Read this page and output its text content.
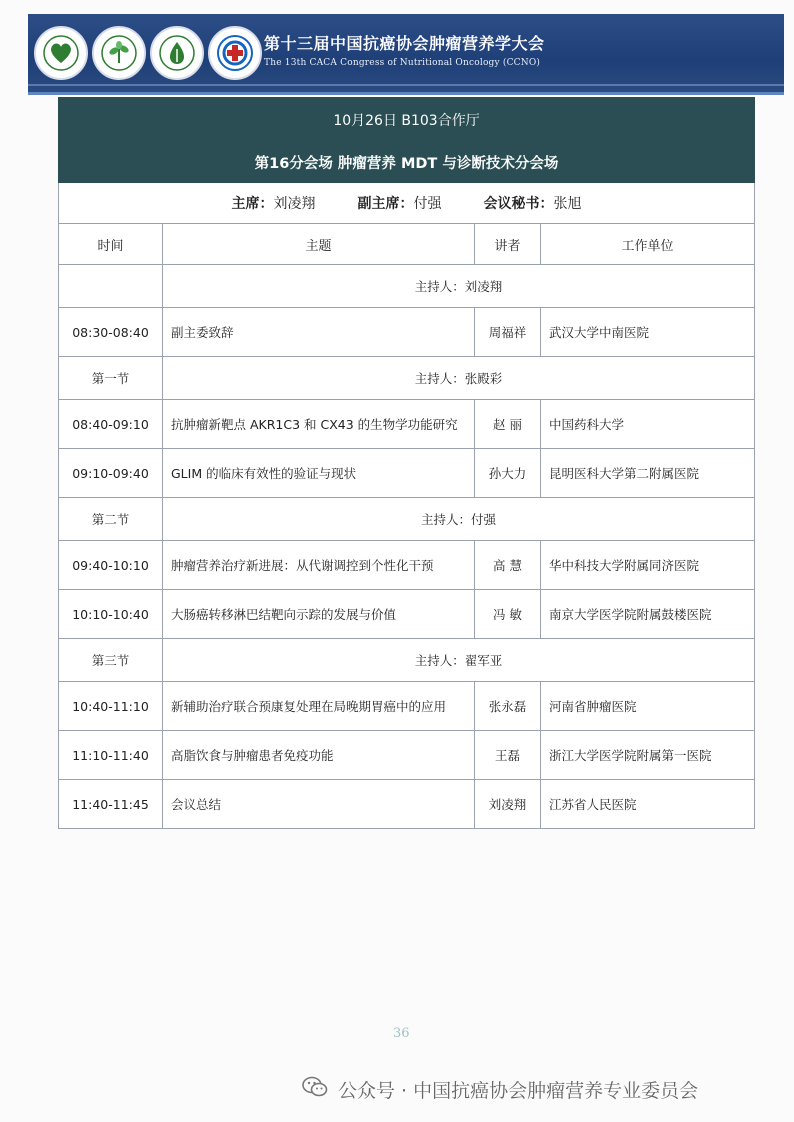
第十三届中国抗癌协会肿瘤营养学大会
The 13th CACA Congress of Nutritional Oncology (CCNO)
10月26日 B103合作厅			
第16分会场 肿瘤营养 MDT 与诊断技术分会场			
主席：刘凌翔 副主席：付强 会议秘书：张旭			
时间	主题	讲者	工作单位
	主持人：刘凌翔		
08:30-08:40	副主委致辞	周福祥	武汉大学中南医院
第一节	主持人：张殿彩		
08:40-09:10	抗肿瘤新靶点 AKR1C3 和 CX43 的生物学功能研究	赵 丽	中国药科大学
09:10-09:40	GLIM 的临床有效性的验证与现状	孙大力	昆明医科大学第二附属医院
第二节	主持人：付强		
09:40-10:10	肿瘤营养治疗新进展：从代谢调控到个性化干预	高 慧	华中科技大学附属同济医院
10:10-10:40	大肠癌转移淋巴结靶向示踪的发展与价值	冯 敏	南京大学医学院附属鼓楼医院
第三节	主持人：翟军亚		
10:40-11:10	新辅助治疗联合预康复处理在局晚期胃癌中的应用	张永磊	河南省肿瘤医院
11:10-11:40	高脂饮食与肿瘤患者免疫功能	王磊	浙江大学医学院附属第一医院
11:40-11:45	会议总结	刘凌翔	江苏省人民医院
36
公众号 · 中国抗癌协会肿瘤营养专业委员会
